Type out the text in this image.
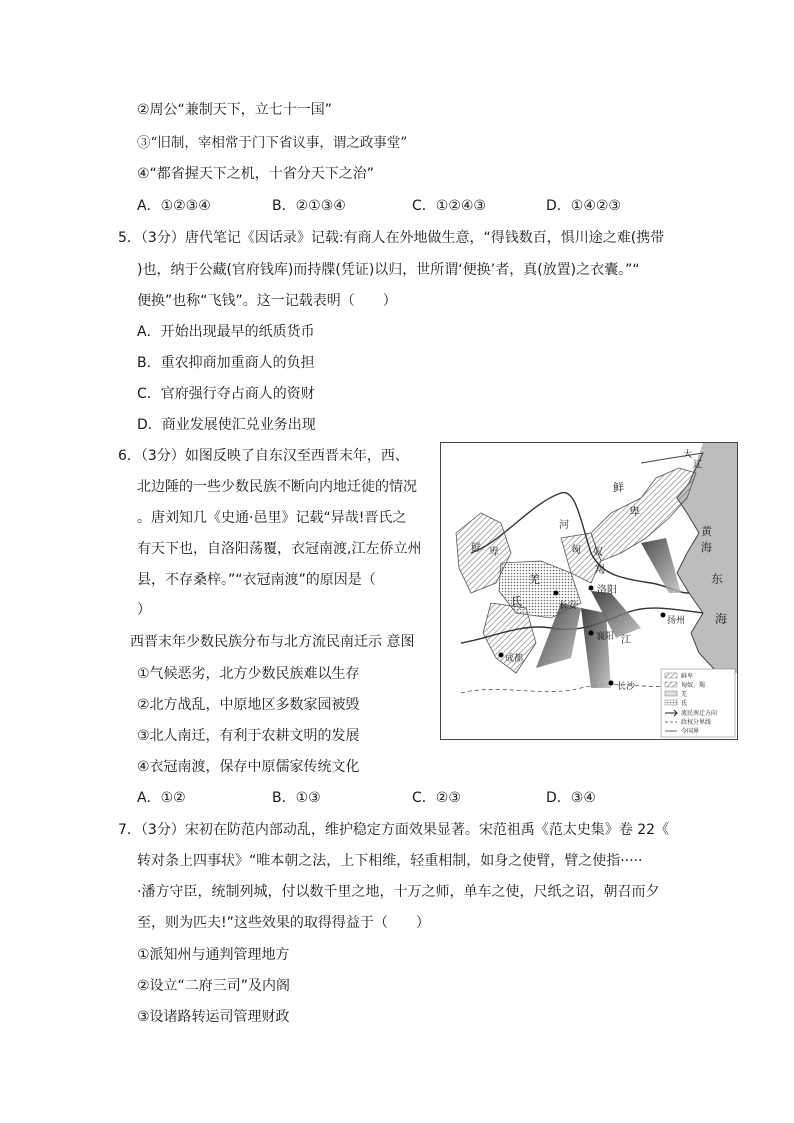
②周公“兼制天下，立七十一国”
③“旧制，宰相常于门下省议事，谓之政事堂”
④“都省握天下之机，十省分天下之治”
A．①②③④	B．②①③④	C．①②④③	D．①④②③
5．（3分）唐代笔记《因话录》记载:有商人在外地做生意，“得钱数百，惧川途之难(携带
)也，纳于公藏(官府钱库)而持牒(凭证)以归，世所谓‘便换’者，真(放置)之衣囊。”“
便换”也称“飞钱”。这一记载表明（　　）
A．开始出现最早的纸质货币
B．重农抑商加重商人的负担
C．官府强行夺占商人的资财
D．商业发展使汇兑业务出现
6．（3分）如图反映了自东汉至西晋末年，西、
北边陲的一些少数民族不断向内地迁徙的情况
。唐刘知几《史通·邑里》记载“异哉!晋氏之
有天下也，自洛阳荡覆，衣冠南渡,江左侨立州
县，不存桑梓。”“衣冠南渡”的原因是（
）
西晋末年少数民族分布与北方流民南迁示 意图
①气候恶劣，北方少数民族难以生存
②北方战乱，中原地区多数家园被毁
③北人南迁，有利于农耕文明的发展
④衣冠南渡，保存中原儒家传统文化
A．①②	B．①③	C．②③	D．③④
鲜
卑
鲜 卑
河
匈 奴
羯
羌
氐
洛阳
长安
襄阳
成都
长沙
扬州
江
东
海
黄
海
大
辽
鲜卑
匈奴、羯
羌
氐
流民南迁方向
政权分界线
今国界
7．（3分）宋初在防范内部动乱，维护稳定方面效果显著。宋范祖禹《范太史集》卷 22《
转对条上四事状》“唯本朝之法，上下相维，轻重相制，如身之使臂，臂之使指·····
·潘方守臣，统制列城，付以数千里之地，十万之师，单车之使，尺纸之诏，朝召而夕
至，则为匹夫!”这些效果的取得得益于（　　）
①派知州与通判管理地方
②设立“二府三司”及内阁
③设诸路转运司管理财政
